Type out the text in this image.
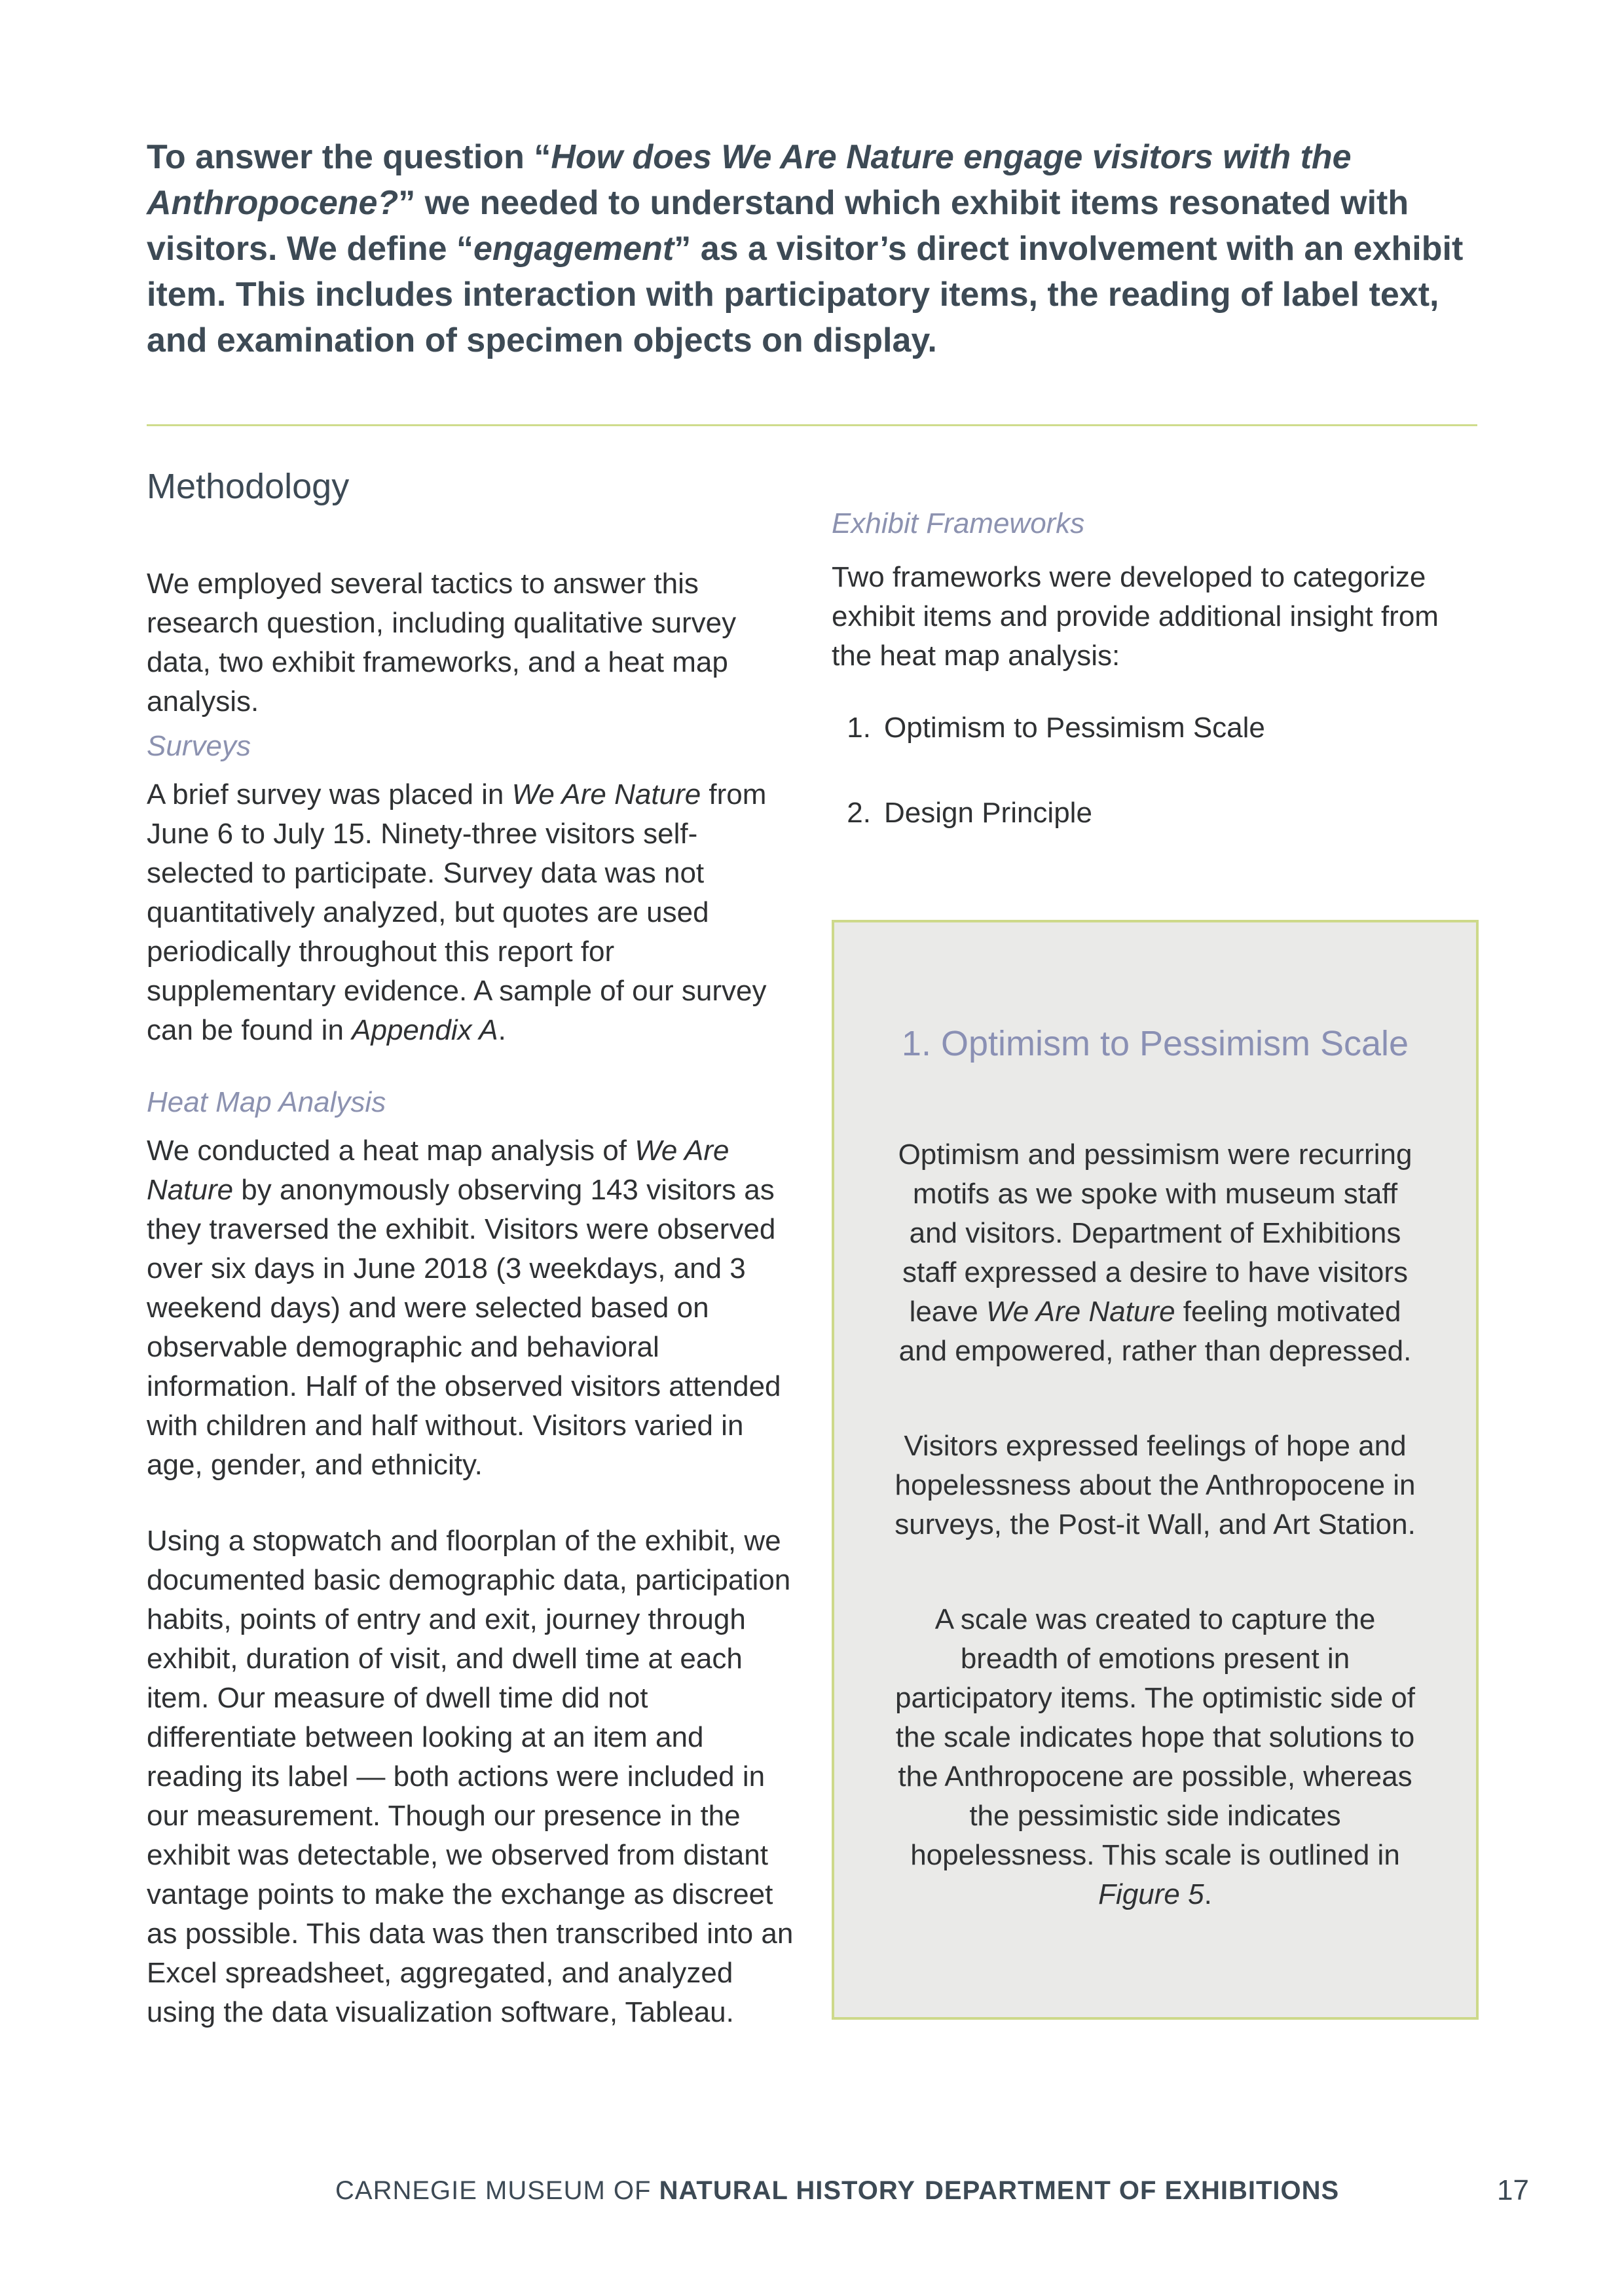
To answer the question “How does We Are Nature engage visitors with the Anthropocene?” we needed to understand which exhibit items resonated with visitors. We define “engagement” as a visitor’s direct involvement with an exhibit item. This includes interaction with participatory items, the reading of label text, and examination of specimen objects on display.

Methodology

We employed several tactics to answer this research question, including qualitative survey data, two exhibit frameworks, and a heat map analysis.

Surveys

A brief survey was placed in We Are Nature from June 6 to July 15. Ninety-three visitors self-selected to participate. Survey data was not quantitatively analyzed, but quotes are used periodically throughout this report for supplementary evidence. A sample of our survey can be found in Appendix A.

Heat Map Analysis

We conducted a heat map analysis of We Are Nature by anonymously observing 143 visitors as they traversed the exhibit. Visitors were observed over six days in June 2018 (3 weekdays, and 3 weekend days) and were selected based on observable demographic and behavioral information. Half of the observed visitors attended with children and half without. Visitors varied in age, gender, and ethnicity.

Using a stopwatch and floorplan of the exhibit, we documented basic demographic data, participation habits, points of entry and exit, journey through exhibit, duration of visit, and dwell time at each item. Our measure of dwell time did not differentiate between looking at an item and reading its label — both actions were included in our measurement. Though our presence in the exhibit was detectable, we observed from distant vantage points to make the exchange as discreet as possible. This data was then transcribed into an Excel spreadsheet, aggregated, and analyzed using the data visualization software, Tableau.

Exhibit Frameworks

Two frameworks were developed to categorize exhibit items and provide additional insight from the heat map analysis:

1. Optimism to Pessimism Scale
2. Design Principle
1. Optimism to Pessimism Scale

Optimism and pessimism were recurring motifs as we spoke with museum staff and visitors. Department of Exhibitions staff expressed a desire to have visitors leave We Are Nature feeling motivated and empowered, rather than depressed.

Visitors expressed feelings of hope and hopelessness about the Anthropocene in surveys, the Post-it Wall, and Art Station.

A scale was created to capture the breadth of emotions present in participatory items. The optimistic side of the scale indicates hope that solutions to the Anthropocene are possible, whereas the pessimistic side indicates hopelessness. This scale is outlined in Figure 5.

CARNEGIE MUSEUM OF NATURAL HISTORY DEPARTMENT OF EXHIBITIONS	17
